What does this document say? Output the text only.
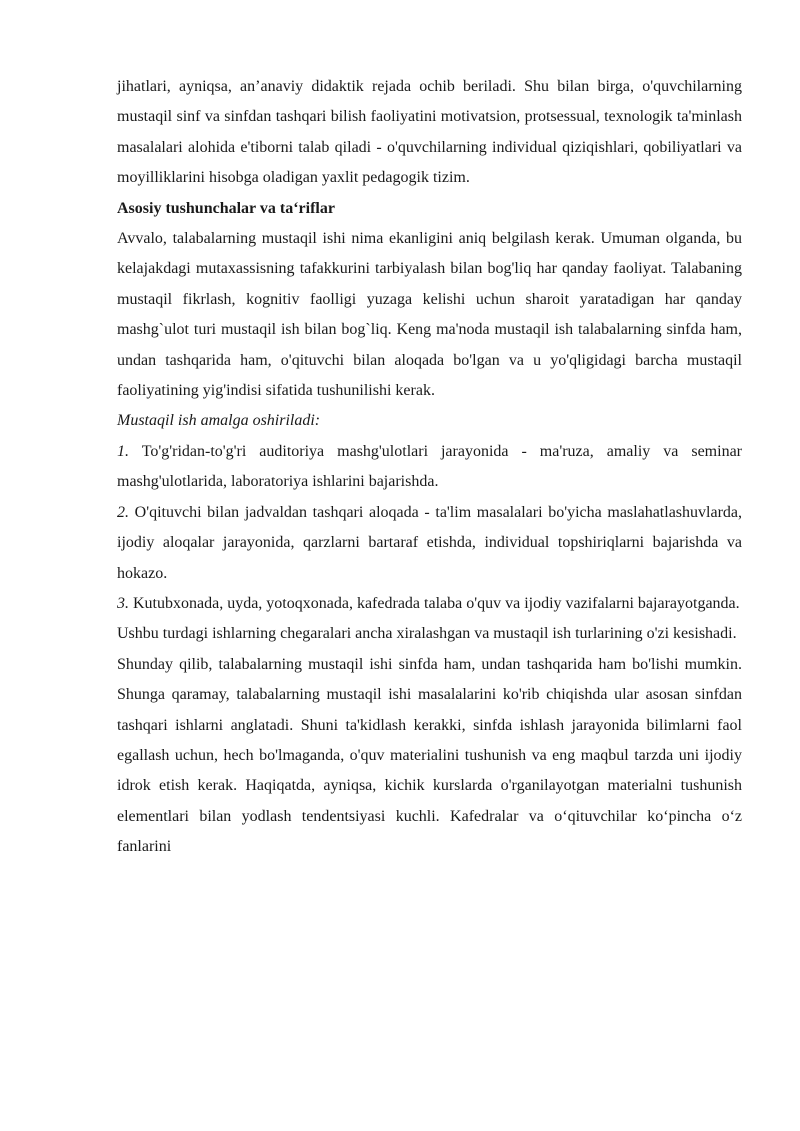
jihatlari, ayniqsa, an’anaviy didaktik rejada ochib beriladi. Shu bilan birga, o'quvchilarning mustaqil sinf va sinfdan tashqari bilish faoliyatini motivatsion, protsessual, texnologik ta'minlash masalalari alohida e'tiborni talab qiladi - o'quvchilarning individual qiziqishlari, qobiliyatlari va moyilliklarini hisobga oladigan yaxlit pedagogik tizim.

Asosiy tushunchalar va taʻriflar

Avvalo, talabalarning mustaqil ishi nima ekanligini aniq belgilash kerak. Umuman olganda, bu kelajakdagi mutaxassisning tafakkurini tarbiyalash bilan bog'liq har qanday faoliyat. Talabaning mustaqil fikrlash, kognitiv faolligi yuzaga kelishi uchun sharoit yaratadigan har qanday mashg`ulot turi mustaqil ish bilan bog`liq. Keng ma'noda mustaqil ish talabalarning sinfda ham, undan tashqarida ham, o'qituvchi bilan aloqada bo'lgan va u yo'qligidagi barcha mustaqil faoliyatining yig'indisi sifatida tushunilishi kerak.

Mustaqil ish amalga oshiriladi:

1. To'g'ridan-to'g'ri auditoriya mashg'ulotlari jarayonida - ma'ruza, amaliy va seminar mashg'ulotlarida, laboratoriya ishlarini bajarishda.

2. O'qituvchi bilan jadvaldan tashqari aloqada - ta'lim masalalari bo'yicha maslahatlashuvlarda, ijodiy aloqalar jarayonida, qarzlarni bartaraf etishda, individual topshiriqlarni bajarishda va hokazo.

3. Kutubxonada, uyda, yotoqxonada, kafedrada talaba o'quv va ijodiy vazifalarni bajarayotganda.

Ushbu turdagi ishlarning chegaralari ancha xiralashgan va mustaqil ish turlarining o'zi kesishadi.

Shunday qilib, talabalarning mustaqil ishi sinfda ham, undan tashqarida ham bo'lishi mumkin. Shunga qaramay, talabalarning mustaqil ishi masalalarini ko'rib chiqishda ular asosan sinfdan tashqari ishlarni anglatadi. Shuni ta'kidlash kerakki, sinfda ishlash jarayonida bilimlarni faol egallash uchun, hech bo'lmaganda, o'quv materialini tushunish va eng maqbul tarzda uni ijodiy idrok etish kerak. Haqiqatda, ayniqsa, kichik kurslarda o'rganilayotgan materialni tushunish elementlari bilan yodlash tendentsiyasi kuchli. Kafedralar va oʻqituvchilar koʻpincha oʻz fanlarini
